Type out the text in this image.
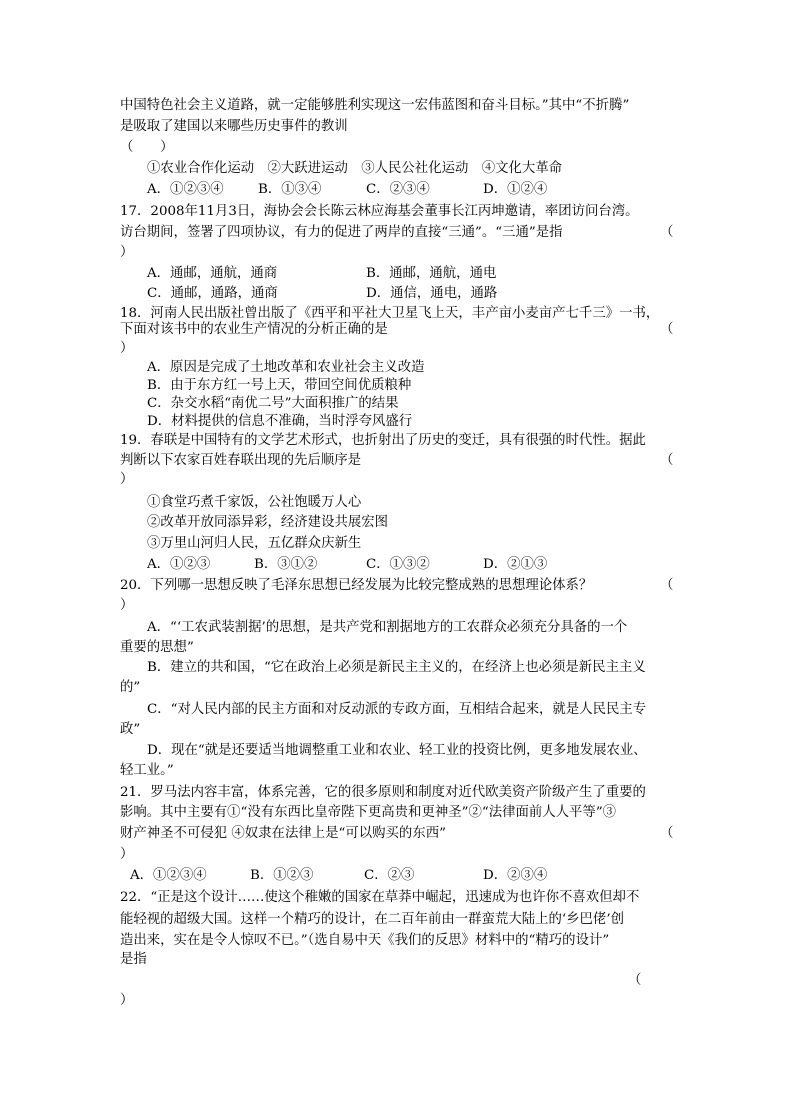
中国特色社会主义道路，就一定能够胜利实现这一宏伟蓝图和奋斗目标。”其中“不折腾”
是吸取了建国以来哪些历史事件的教训
（　　）
①农业合作化运动　②大跃进运动　③人民公社化运动　④文化大革命
A．①②③④	B．①③④	C．②③④	D．①②④
17．2008年11月3日，海协会会长陈云林应海基会董事长江丙坤邀请，率团访问台湾。
访台期间，签署了四项协议，有力的促进了两岸的直接“三通”。“三通”是指	（
）
A．通邮，通航，通商	B．通邮，通航，通电
C．通邮，通路，通商	D．通信，通电，通路
18．河南人民出版社曾出版了《西平和平社大卫星飞上天，丰产亩小麦亩产七千三》一书，
下面对该书中的农业生产情况的分析正确的是	（
）
A．原因是完成了土地改革和农业社会主义改造
B．由于东方红一号上天，带回空间优质粮种
C．杂交水稻“南优二号”大面积推广的结果
D．材料提供的信息不准确，当时浮夸风盛行
19．春联是中国特有的文学艺术形式，也折射出了历史的变迁，具有很强的时代性。据此
判断以下农家百姓春联出现的先后顺序是	（
）
①食堂巧煮千家饭，公社饱暖万人心
②改革开放同添异彩，经济建设共展宏图
③万里山河归人民，五亿群众庆新生
A．①②③	B．③①②	C．①③②	D．②①③
20．下列哪一思想反映了毛泽东思想已经发展为比较完整成熟的思想理论体系？	（
）
A．“‘工农武装割据’的思想，是共产党和割据地方的工农群众必须充分具备的一个
重要的思想”
B．建立的共和国，“它在政治上必须是新民主主义的，在经济上也必须是新民主主义
的”
C．“对人民内部的民主方面和对反动派的专政方面，互相结合起来，就是人民民主专
政”
D．现在“就是还要适当地调整重工业和农业、轻工业的投资比例，更多地发展农业、
轻工业。”
21．罗马法内容丰富，体系完善，它的很多原则和制度对近代欧美资产阶级产生了重要的
影响。其中主要有①“没有东西比皇帝陛下更高贵和更神圣”②“法律面前人人平等”③
财产神圣不可侵犯 ④奴隶在法律上是“可以购买的东西”	（
）
A．①②③④	B．①②③	C．②③	D．②③④
22．“正是这个设计……使这个稚嫩的国家在草莽中崛起，迅速成为也许你不喜欢但却不
能轻视的超级大国。这样一个精巧的设计，在二百年前由一群蛮荒大陆上的‘乡巴佬’创
造出来，实在是令人惊叹不已。”（选自易中天《我们的反思》材料中的“精巧的设计”
是指
（
）
